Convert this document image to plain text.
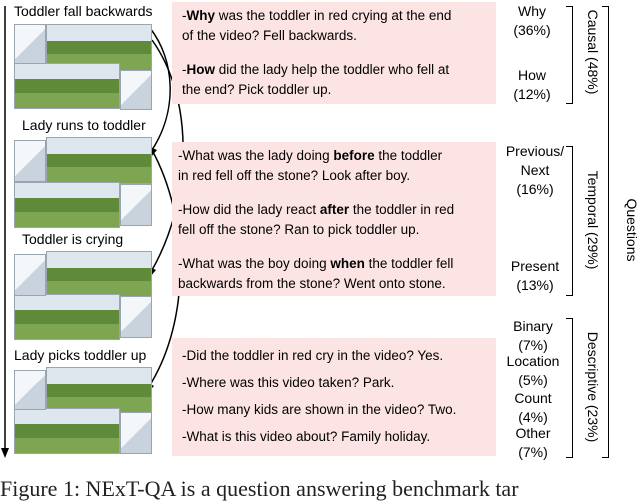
Toddler fall backwards
Lady runs to toddler
Toddler is crying
Lady picks toddler up
-Why was the toddler in red crying at the end
of the video? Fell backwards.
-How did the lady help the toddler who fell at
the end? Pick toddler up.
-What was the lady doing before the toddler
in red fell off the stone? Look after boy.
-How did the lady react after the toddler in red
fell off the stone? Ran to pick toddler up.
-What was the boy doing when the toddler fell
backwards from the stone? Went onto stone.
-Did the toddler in red cry in the video? Yes.
-Where was this video taken? Park.
-How many kids are shown in the video? Two.
-What is this video about? Family holiday.
Why
(36%)
How
(12%)
Previous/
Next
(16%)
Present
(13%)
Binary
(7%)
Location
(5%)
Count
(4%)
Other
(7%)
Causal (48%)
Temporal (29%)
Descriptive (23%)
Questions
Figure 1: NExT-QA is a question answering benchmark tar
